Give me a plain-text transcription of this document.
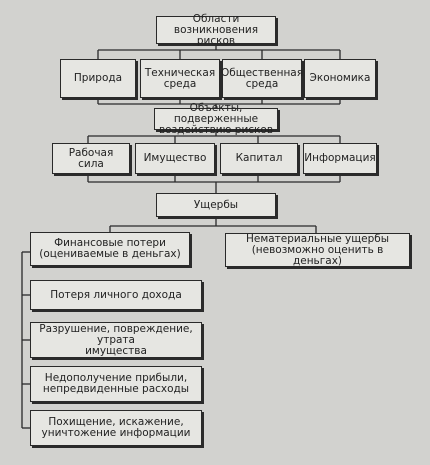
Области возникновения
рисков
Природа Техническая среда
Общественная среда	Экономика
Объекты, подверженные
воздействию рисков
Рабочая сила	Имущество	Капитал Информация
Ущербы
Финансовые потери
(оцениваемые в деньгах)
Нематериальные ущербы
(невозможно оценить в деньгах)
Потеря личного дохода
Разрушение, повреждение, утрата
имущества
Недополучение прибыли,
непредвиденные расходы
Похищение, искажение,
уничтожение информации
